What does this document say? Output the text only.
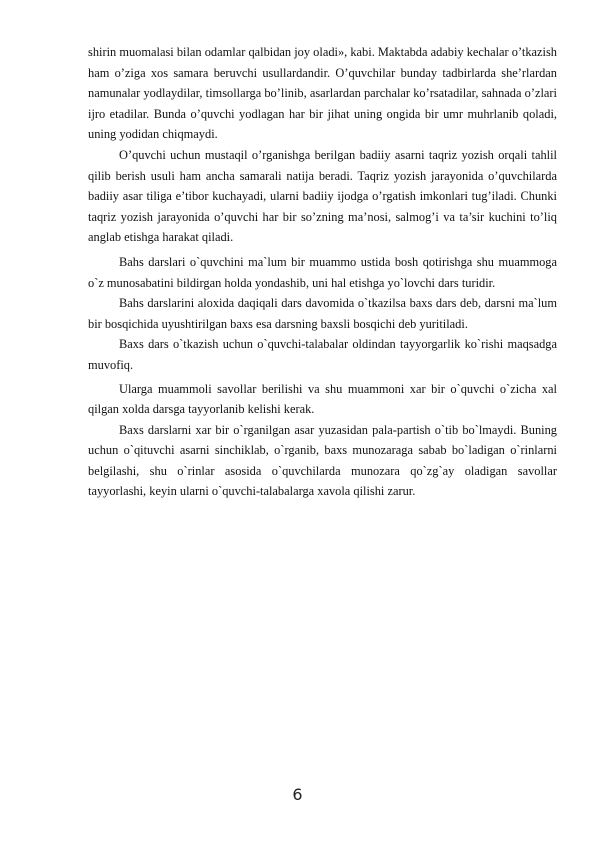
shirin muomalasi bilan odamlar qalbidan joy oladi», kabi. Maktabda adabiy kechalar o’tkazish ham o’ziga xos samara beruvchi usullardandir. O’quvchilar bunday tadbirlarda she’rlardan namunalar yodlaydilar, timsollarga bo’linib, asarlardan parchalar ko’rsatadilar, sahnada o’zlari ijro etadilar. Bunda o’quvchi yodlagan har bir jihat uning ongida bir umr muhrlanib qoladi, uning yodidan chiqmaydi.

O’quvchi uchun mustaqil o’rganishga berilgan badiiy asarni taqriz yozish orqali tahlil qilib berish usuli ham ancha samarali natija beradi. Taqriz yozish jarayonida o’quvchilarda badiiy asar tiliga e’tibor kuchayadi, ularni badiiy ijodga o’rgatish imkonlari tug’iladi. Chunki taqriz yozish jarayonida o’quvchi har bir so’zning ma’nosi, salmog’i va ta’sir kuchini to’liq anglab etishga harakat qiladi.

Bahs darslari o`quvchini ma`lum bir muammo ustida bosh qotirishga shu muammoga o`z munosabatini bildirgan holda yondashib, uni hal etishga yo`lovchi dars turidir.

Bahs darslarini aloxida daqiqali dars davomida o`tkazilsa baxs dars deb, darsni ma`lum bir bosqichida uyushtirilgan baxs esa darsning baxsli bosqichi deb yuritiladi.

Baxs dars o`tkazish uchun o`quvchi-talabalar oldindan tayyorgarlik ko`rishi maqsadga muvofiq.

Ularga muammoli savollar berilishi va shu muammoni xar bir o`quvchi o`zicha xal qilgan xolda darsga tayyorlanib kelishi kerak.

Baxs darslarni xar bir o`rganilgan asar yuzasidan pala-partish o`tib bo`lmaydi. Buning uchun o`qituvchi asarni sinchiklab, o`rganib, baxs munozaraga sabab bo`ladigan o`rinlarni belgilashi, shu o`rinlar asosida o`quvchilarda munozara qo`zg`ay oladigan savollar tayyorlashi, keyin ularni o`quvchi-talabalarga xavola qilishi zarur.

6
